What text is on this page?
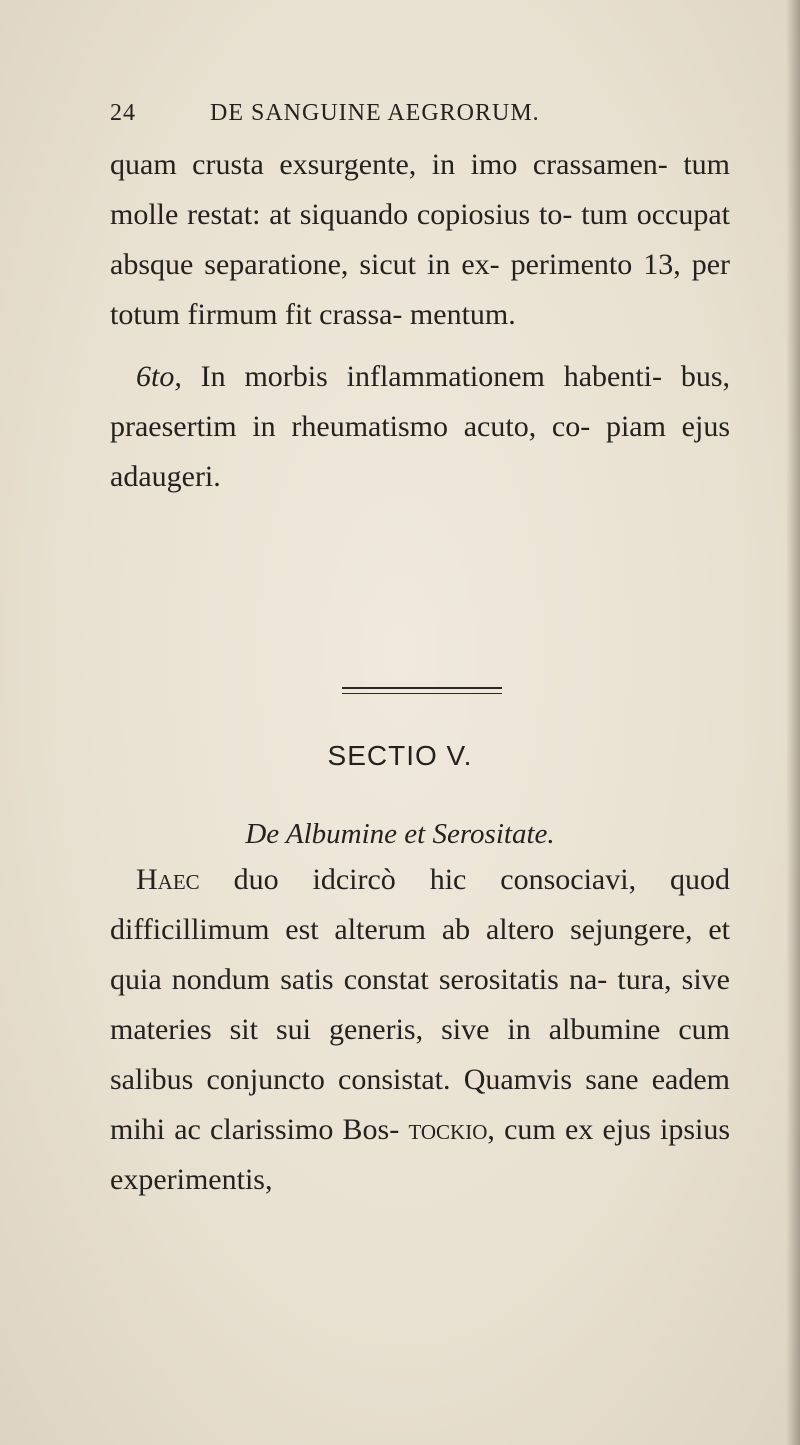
24	DE SANGUINE AEGRORUM.

quam crusta exsurgente, in imo crassamen- tum molle restat: at siquando copiosius to- tum occupat absque separatione, sicut in ex- perimento 13, per totum firmum fit crassa- mentum.

6to, In morbis inflammationem habenti- bus, praesertim in rheumatismo acuto, co- piam ejus adaugeri.

SECTIO V.
De Albumine et Serositate.

Haec duo idcircò hic consociavi, quod difficillimum est alterum ab altero sejungere, et quia nondum satis constat serositatis na- tura, sive materies sit sui generis, sive in albumine cum salibus conjuncto consistat. Quamvis sane eadem mihi ac clarissimo Bos- tockio, cum ex ejus ipsius experimentis,
